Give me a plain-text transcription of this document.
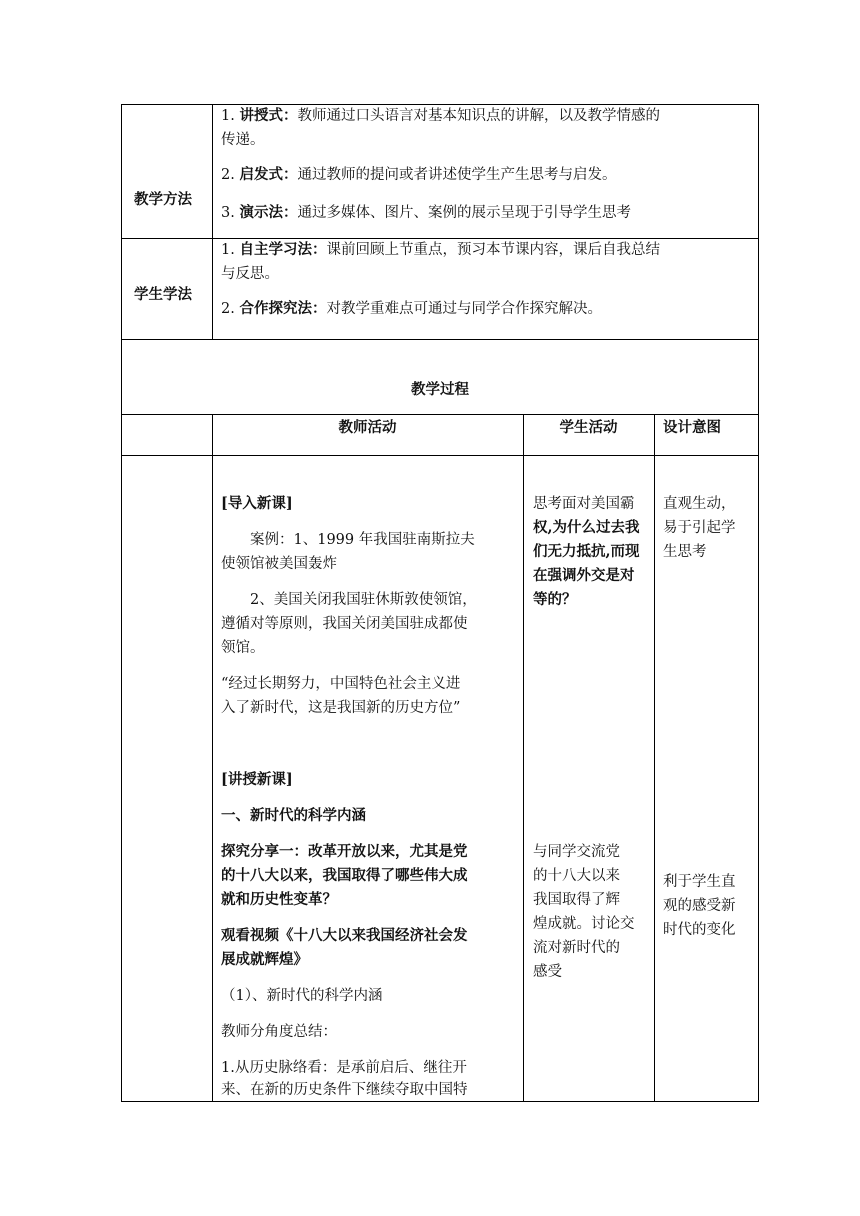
教学方法
1. 讲授式：教师通过口头语言对基本知识点的讲解，以及教学情感的
传递。
2. 启发式：通过教师的提问或者讲述使学生产生思考与启发。
3. 演示法：通过多媒体、图片、案例的展示呈现于引导学生思考
学生学法
1. 自主学习法：课前回顾上节重点，预习本节课内容，课后自我总结
与反思。
2. 合作探究法：对教学重难点可通过与同学合作探究解决。
教学过程
教师活动	学生活动	设计意图
[导入新课]
案例：1、1999 年我国驻南斯拉夫
使领馆被美国轰炸
2、美国关闭我国驻休斯敦使领馆，
遵循对等原则，我国关闭美国驻成都使
领馆。
“经过长期努力，中国特色社会主义进
入了新时代，这是我国新的历史方位”
[讲授新课]
一、新时代的科学内涵
探究分享一：改革开放以来，尤其是党
的十八大以来，我国取得了哪些伟大成
就和历史性变革？
观看视频《十八大以来我国经济社会发
展成就辉煌》
（1）、新时代的科学内涵
教师分角度总结：
1.从历史脉络看：是承前启后、继往开
来、在新的历史条件下继续夺取中国特
思考面对美国霸
权,为什么过去我
们无力抵抗,而现
在强调外交是对
等的？
与同学交流党
的十八大以来
我国取得了辉
煌成就。讨论交
流对新时代的
感受
直观生动，
易于引起学
生思考
利于学生直
观的感受新
时代的变化
